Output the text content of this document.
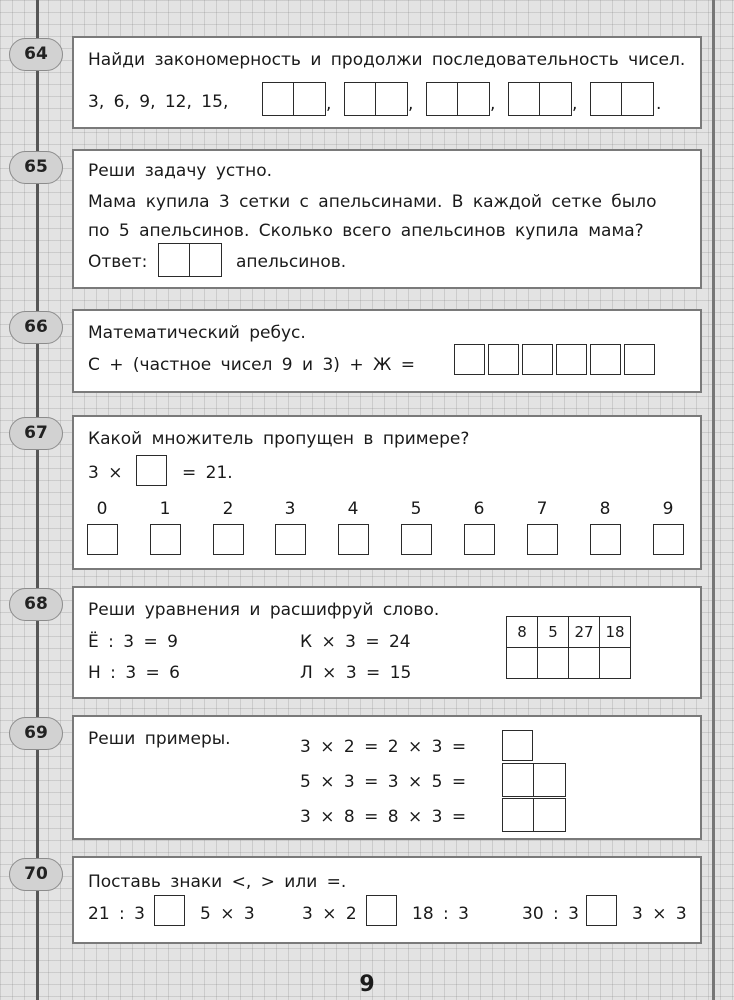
64	Найди закономерность и продолжи последовательность чисел.
3, 6, 9, 12, 15,	,	,	,	,	.
65	Реши задачу устно.
Мама купила 3 сетки с апельсинами. В каждой сетке было
по 5 апельсинов. Сколько всего апельсинов купила мама?
Ответ:	апельсинов.
66	Математический ребус.
С + (частное чисел 9 и 3) + Ж =
67	Какой множитель пропущен в примере?
3 ×	= 21.
0	1	2	3	4	5	6	7	8	9
68	Реши уравнения и расшифруй слово.
Ё : 3 = 9
Н : 3 = 6
К × 3 = 24
Л × 3 = 15
8	5	27	18

69	Реши примеры.	3 × 2 = 2 × 3 =
5 × 3 = 3 × 5 =
3 × 8 = 8 × 3 =
70	Поставь знаки <, > или =.
21 : 3	5 × 3	3 × 2	18 : 3	30 : 3	3 × 3
9
